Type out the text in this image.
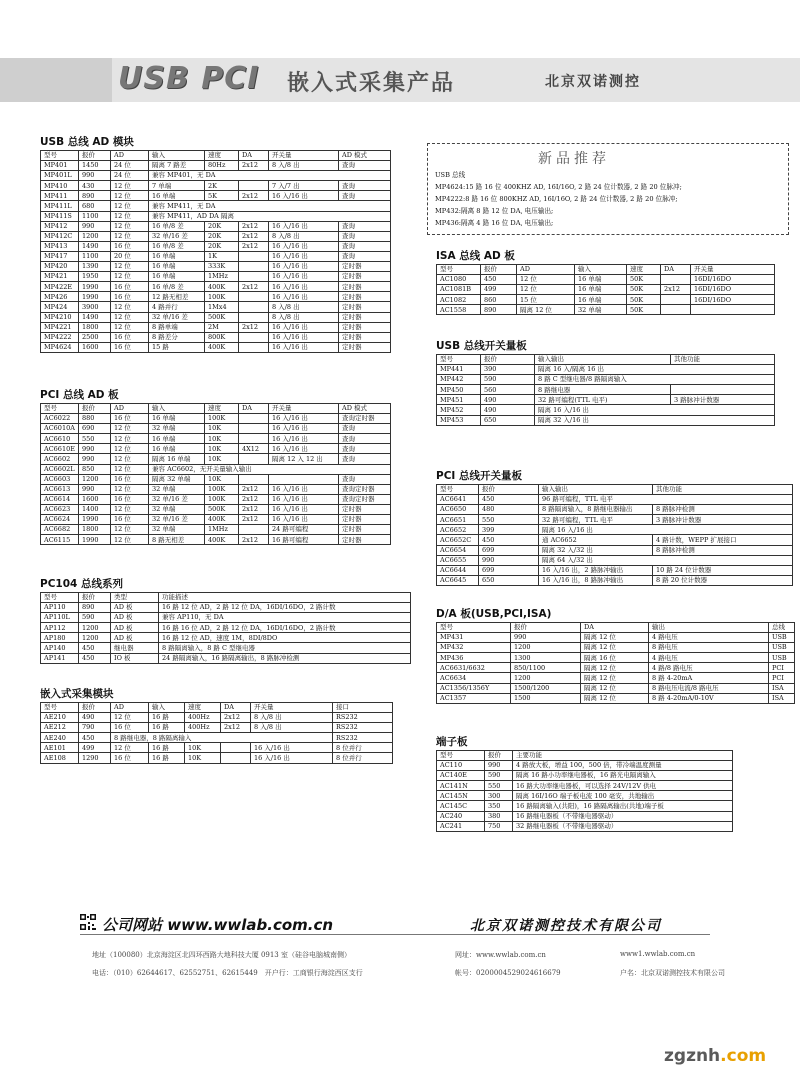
USB PCI 嵌入式采集产品	北京双诺测控
新品推荐
USB 总线
MP4624:15 路 16 位 400KHZ AD, 16I/16O, 2 路 24 位计数器, 2 路 20 位脉冲;
MP4222:8 路 16 位 800KHZ AD, 16I/16O, 2 路 24 位计数器, 2 路 20 位脉冲;
MP432:隔离 8 路 12 位 DA, 电压输出;
MP436:隔离 4 路 16 位 DA, 电压输出;
USB 总线 AD 模块
型号	报价	AD	输入	速度	DA	开关量	AD 模式
MP401	1450	24 位	隔离 7 路差	80Hz	2x12	8 入/8 出	查询
MP401L	990	24 位	兼容 MP401，无 DA				
MP410	430	12 位	7 单端	2K		7 入/7 出	查询
MP411	890	12 位	16 单端	5K	2x12	16 入/16 出	查询
MP411L	680	12 位	兼容 MP411，无 DA				
MP411S	1100	12 位	兼容 MP411，AD DA 隔离				
MP412	990	12 位	16 单/8 差	20K	2x12	16 入/16 出	查询
MP412C	1200	12 位	32 单/16 差	20K	2x12	8 入/8 出	查询
MP413	1490	16 位	16 单/8 差	20K	2x12	16 入/16 出	查询
MP417	1100	20 位	16 单端	1K		16 入/16 出	查询
MP420	1390	12 位	16 单端	333K		16 入/16 出	定时器
MP421	1950	12 位	16 单端	1MHz		16 入/16 出	定时器
MP422E	1990	16 位	16 单/8 差	400K	2x12	16 入/16 出	定时器
MP426	1990	16 位	12 路无相差	100K		16 入/16 出	定时器
MP424	3900	12 位	4 路并行	1Mx4		8 入/8 出	定时器
MP4210	1490	12 位	32 单/16 差	500K		8 入/8 出	定时器
MP4221	1800	12 位	8 路单端	2M	2x12	16 入/16 出	定时器
MP4222	2500	16 位	8 路差分	800K		16 入/16 出	定时器
MP4624	1600	16 位	15 路	400K		16 入/16 出	定时器
PCI 总线 AD 板
型号	报价	AD	输入	速度	DA	开关量	AD 模式
AC6022	880	16 位	16 单端	100K		16 入/16 出	查询定时器
AC6010A	690	12 位	32 单端	10K		16 入/16 出	查询
AC6610	550	12 位	16 单端	10K		16 入/16 出	查询
AC6610E	990	12 位	16 单端	10K	4X12	16 入/16 出	查询
AC6602	990	12 位	隔离 16 单端	10K		隔离 12 入 12 出	查询
AC6602L	850	12 位	兼容 AC6602，无开关量输入输出				
AC6603	1200	16 位	隔离 32 单端	10K			查询
AC6613	990	12 位	32 单端	100K	2x12	16 入/16 出	查询定时器
AC6614	1600	16 位	32 单/16 差	100K	2x12	16 入/16 出	查询定时器
AC6623	1400	12 位	32 单端	500K	2x12	16 入/16 出	定时器
AC6624	1990	16 位	32 单/16 差	400K	2x12	16 入/16 出	定时器
AC6682	1800	12 位	32 单端	1MHz		24 路可编程	定时器
AC6115	1990	12 位	8 路无相差	400K	2x12	16 路可编程	定时器
PC104 总线系列
型号	报价	类型	功能描述
AP110	890	AD 板	16 路 12 位 AD，2 路 12 位 DA，16DI/16DO，2 路计数
AP110L	590	AD 板	兼容 AP110，无 DA
AP112	1200	AD 板	16 路 16 位 AD，2 路 12 位 DA，16DI/16DO，2 路计数
AP180	1200	AD 板	16 路 12 位 AD，速度 1M，8DI/8DO
AP140	450	继电器	8 路隔离输入，8 路 C 型继电器
AP141	450	IO 板	24 路隔离输入，16 路隔离输出，8 路脉冲检测
嵌入式采集模块
型号	报价	AD	输入	速度	DA	开关量	接口
AE210	490	12 位	16 路	400Hz	2x12	8 入/8 出	RS232
AE212	790	16 位	16 路	400Hz	2x12	8 入/8 出	RS232
AE240	450	8 路继电器，8 路隔离输入					RS232
AE101	499	12 位	16 路	10K		16 入/16 出	8 位并行
AE108	1290	16 位	16 路	10K		16 入/16 出	8 位并行
ISA 总线 AD 板
型号	报价	AD	输入	速度	DA	开关量
AC1080	450	12 位	16 单端	50K		16DI/16DO
AC1081B	499	12 位	16 单端	50K	2x12	16DI/16DO
AC1082	860	15 位	16 单端	50K		16DI/16DO
AC1558	890	隔离 12 位	32 单端	50K		
USB 总线开关量板
型号	报价	输入输出	其他功能
MP441	390	隔离 16 入/隔离 16 出	
MP442	590	8 路 C 型继电器/8 路隔离输入	
MP450	560	8 路继电器	
MP451	490	32 路可编程(TTL 电平)	3 路脉冲计数器
MP452	490	隔离 16 入/16 出	
MP453	650	隔离 32 入/16 出	
PCI 总线开关量板
型号	报价	输入输出	其他功能
AC6641	450	96 路可编程，TTL 电平	
AC6650	480	8 路隔离输入，8 路继电器输出	8 路脉冲检测
AC6651	550	32 路可编程，TTL 电平	3 路脉冲计数器
AC6652	399	隔离 16 入/16 出	
AC6652C	450	通 AC6652	4 路计数，WEPP 扩展接口
AC6654	699	隔离 32 入/32 出	8 路脉冲检测
AC6655	990	隔离 64 入/32 出	
AC6644	699	16 入/16 出，2 路脉冲输出	10 路 24 位计数器
AC6645	650	16 入/16 出，8 路脉冲输出	8 路 20 位计数器
D/A 板(USB,PCI,ISA)
型号	报价	DA	输出	总线
MP431	990	隔离 12 位	4 路电压	USB
MP432	1200	隔离 12 位	8 路电压	USB
MP436	1300	隔离 16 位	4 路电压	USB
AC6631/6632	850/1100	隔离 12 位	4 路/8 路电压	PCI
AC6634	1200	隔离 12 位	8 路 4-20mA	PCI
AC1356/1356Y	1500/1200	隔离 12 位	8 路电压电流/8 路电压	ISA
AC1357	1500	隔离 12 位	8 路 4-20mA/0-10V	ISA
端子板
型号	报价	主要功能
AC110	990	4 路放大板，增益 100，500 倍，带冷端温度测量
AC140E	590	隔离 16 路小功率继电器板，16 路光电隔离输入
AC141N	550	16 路大功率继电器板，可以选择 24V/12V 供电
AC145N	300	隔离 16I/16O 端子板电流 100 毫安，共地输出
AC145C	350	16 路隔离输入(共阳)，16 路隔离输出(共地)端子板
AC240	380	16 路继电器板（不带继电器驱动）
AC241	750	32 路继电器板（不带继电器驱动）
公司网站 www.wwlab.com.cn	北京双诺测控技术有限公司
地址（100080）北京海淀区北四环西路大地科技大厦 0913 室（硅谷电脑城南侧）	网址：www.wwlab.com.cn	www1.wwlab.com.cn
电话：（010）62644617、62552751、62615449　开户行：工商银行海淀西区支行	帐号：0200004529024616679	户名：北京双诺测控技术有限公司
zgznh.com
